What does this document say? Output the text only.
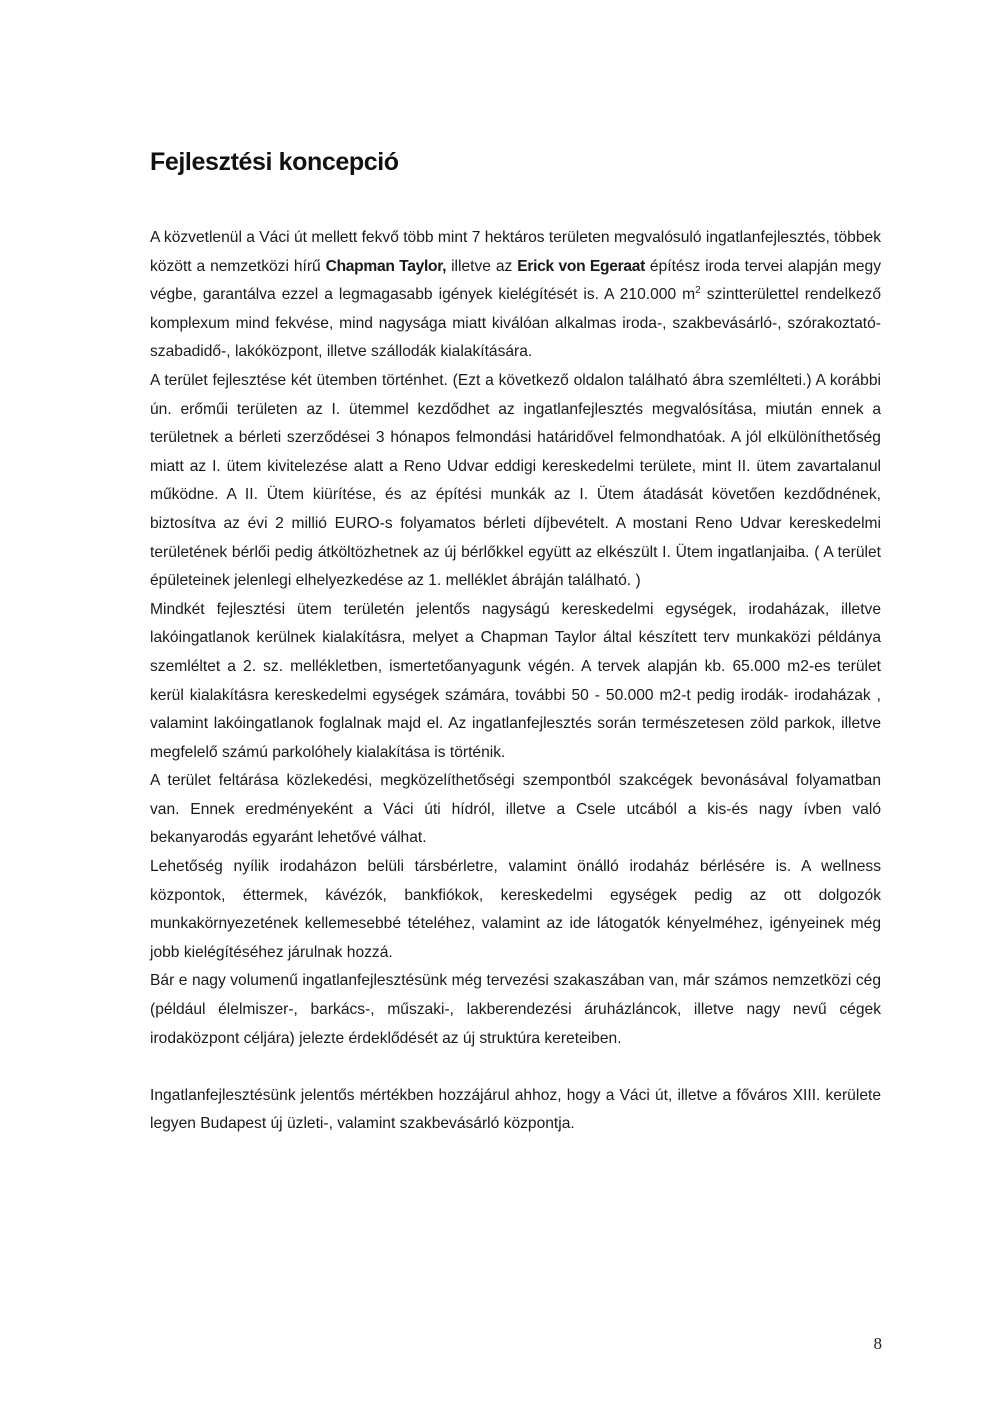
Fejlesztési koncepció

A közvetlenül a Váci út mellett fekvő több mint 7 hektáros területen megvalósuló ingatlanfejlesztés, többek között a nemzetközi hírű Chapman Taylor, illetve az Erick von Egeraat építész iroda tervei alapján megy végbe, garantálva ezzel a legmagasabb igények kielégítését is. A 210.000 $m^2$ szintterülettel rendelkező komplexum mind fekvése, mind nagysága miatt kiválóan alkalmas iroda-, szakbevásárló-, szórakoztató-szabadidő-, lakóközpont, illetve szállodák kialakítására.

A terület fejlesztése két ütemben történhet. (Ezt a következő oldalon található ábra szemlélteti.) A korábbi ún. erőműi területen az I. ütemmel kezdődhet az ingatlanfejlesztés megvalósítása, miután ennek a területnek a bérleti szerződései 3 hónapos felmondási határidővel felmondhatóak. A jól elkülöníthetőség miatt az I. ütem kivitelezése alatt a Reno Udvar eddigi kereskedelmi területe, mint II. ütem zavartalanul működne. A II. Ütem kiürítése, és az építési munkák az I. Ütem átadását követően kezdődnének, biztosítva az évi 2 millió EURO-s folyamatos bérleti díjbevételt. A mostani Reno Udvar kereskedelmi területének bérlői pedig átköltözhetnek az új bérlőkkel együtt az elkészült I. Ütem ingatlanjaiba. ( A terület épületeinek jelenlegi elhelyezkedése az 1. melléklet ábráján található. )

Mindkét fejlesztési ütem területén jelentős nagyságú kereskedelmi egységek, irodaházak, illetve lakóingatlanok kerülnek kialakításra, melyet a Chapman Taylor által készített terv munkaközi példánya szemléltet a 2. sz. mellékletben, ismertetőanyagunk végén. A tervek alapján kb. 65.000 m2-es terület kerül kialakításra kereskedelmi egységek számára, további 50 - 50.000 m2-t pedig irodák- irodaházak , valamint lakóingatlanok foglalnak majd el. Az ingatlanfejlesztés során természetesen zöld parkok, illetve megfelelő számú parkolóhely kialakítása is történik.

A terület feltárása közlekedési, megközelíthetőségi szempontból szakcégek bevonásával folyamatban van. Ennek eredményeként a Váci úti hídról, illetve a Csele utcából a kis-és nagy ívben való bekanyarodás egyaránt lehetővé válhat.

Lehetőség nyílik irodaházon belüli társbérletre, valamint önálló irodaház bérlésére is. A wellness központok, éttermek, kávézók, bankfiókok, kereskedelmi egységek pedig az ott dolgozók munkakörnyezetének kellemesebbé tételéhez, valamint az ide látogatók kényelméhez, igényeinek még jobb kielégítéséhez járulnak hozzá.

Bár e nagy volumenű ingatlanfejlesztésünk még tervezési szakaszában van, már számos nemzetközi cég (például élelmiszer-, barkács-, műszaki-, lakberendezési áruházláncok, illetve nagy nevű cégek irodaközpont céljára) jelezte érdeklődését az új struktúra kereteiben.

Ingatlanfejlesztésünk jelentős mértékben hozzájárul ahhoz, hogy a Váci út, illetve a főváros XIII. kerülete legyen Budapest új üzleti-, valamint szakbevásárló központja.

8
